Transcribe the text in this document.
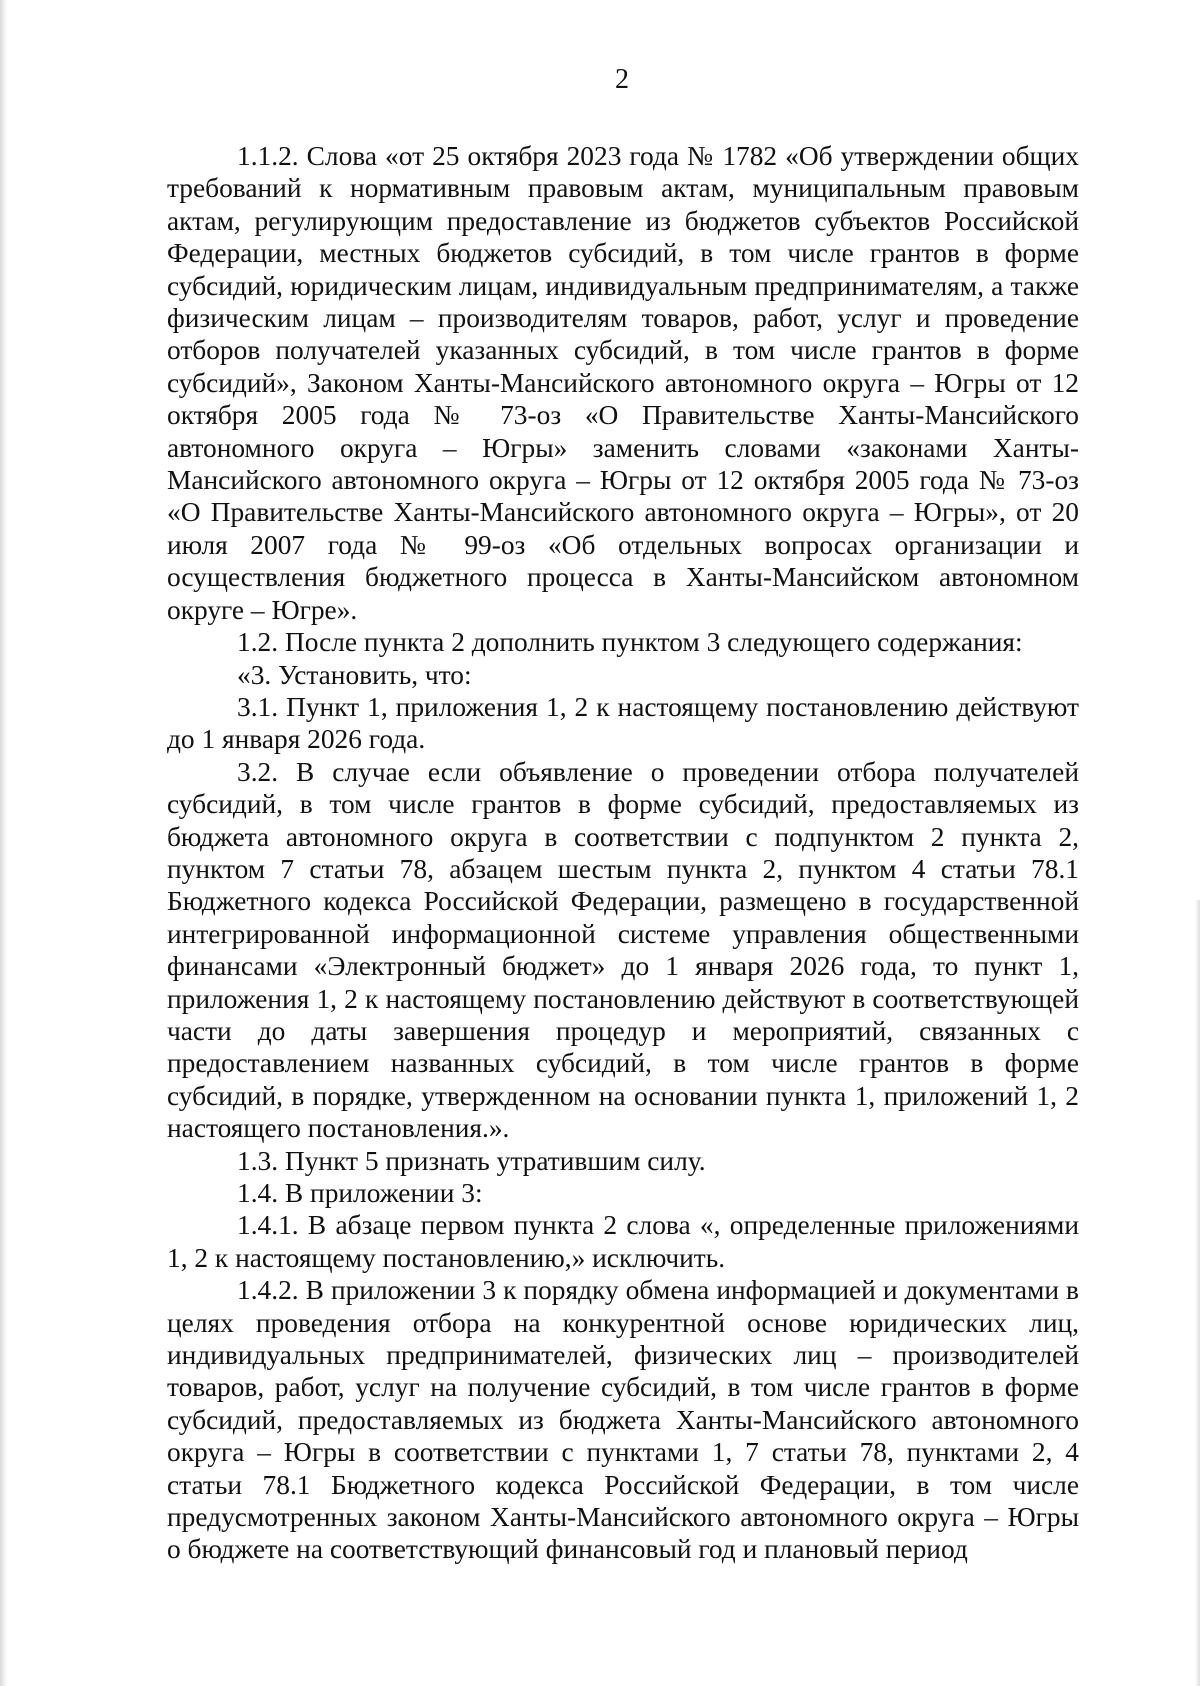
2

1.1.2. Слова «от 25 октября 2023 года № 1782 «Об утверждении общих требований к нормативным правовым актам, муниципальным правовым актам, регулирующим предоставление из бюджетов субъектов Российской Федерации, местных бюджетов субсидий, в том числе грантов в форме субсидий, юридическим лицам, индивидуальным предпринимателям, а также физическим лицам – производителям товаров, работ, услуг и проведение отборов получателей указанных субсидий, в том числе грантов в форме субсидий», Законом Ханты-Мансийского автономного округа – Югры от 12 октября 2005 года № 73-оз «О Правительстве Ханты-Мансийского автономного округа – Югры» заменить словами «законами Ханты-Мансийского автономного округа – Югры от 12 октября 2005 года № 73-оз «О Правительстве Ханты-Мансийского автономного округа – Югры», от 20 июля 2007 года № 99-оз «Об отдельных вопросах организации и осуществления бюджетного процесса в Ханты-Мансийском автономном округе – Югре».

1.2. После пункта 2 дополнить пунктом 3 следующего содержания:

«3. Установить, что:

3.1. Пункт 1, приложения 1, 2 к настоящему постановлению действуют до 1 января 2026 года.

3.2. В случае если объявление о проведении отбора получателей субсидий, в том числе грантов в форме субсидий, предоставляемых из бюджета автономного округа в соответствии с подпунктом 2 пункта 2, пунктом 7 статьи 78, абзацем шестым пункта 2, пунктом 4 статьи 78.1 Бюджетного кодекса Российской Федерации, размещено в государственной интегрированной информационной системе управления общественными финансами «Электронный бюджет» до 1 января 2026 года, то пункт 1, приложения 1, 2 к настоящему постановлению действуют в соответствующей части до даты завершения процедур и мероприятий, связанных с предоставлением названных субсидий, в том числе грантов в форме субсидий, в порядке, утвержденном на основании пункта 1, приложений 1, 2 настоящего постановления.».

1.3. Пункт 5 признать утратившим силу.

1.4. В приложении 3:

1.4.1. В абзаце первом пункта 2 слова «, определенные приложениями 1, 2 к настоящему постановлению,» исключить.

1.4.2. В приложении 3 к порядку обмена информацией и документами в целях проведения отбора на конкурентной основе юридических лиц, индивидуальных предпринимателей, физических лиц – производителей товаров, работ, услуг на получение субсидий, в том числе грантов в форме субсидий, предоставляемых из бюджета Ханты-Мансийского автономного округа – Югры в соответствии с пунктами 1, 7 статьи 78, пунктами 2, 4 статьи 78.1 Бюджетного кодекса Российской Федерации, в том числе предусмотренных законом Ханты-Мансийского автономного округа – Югры о бюджете на соответствующий финансовый год и плановый период
